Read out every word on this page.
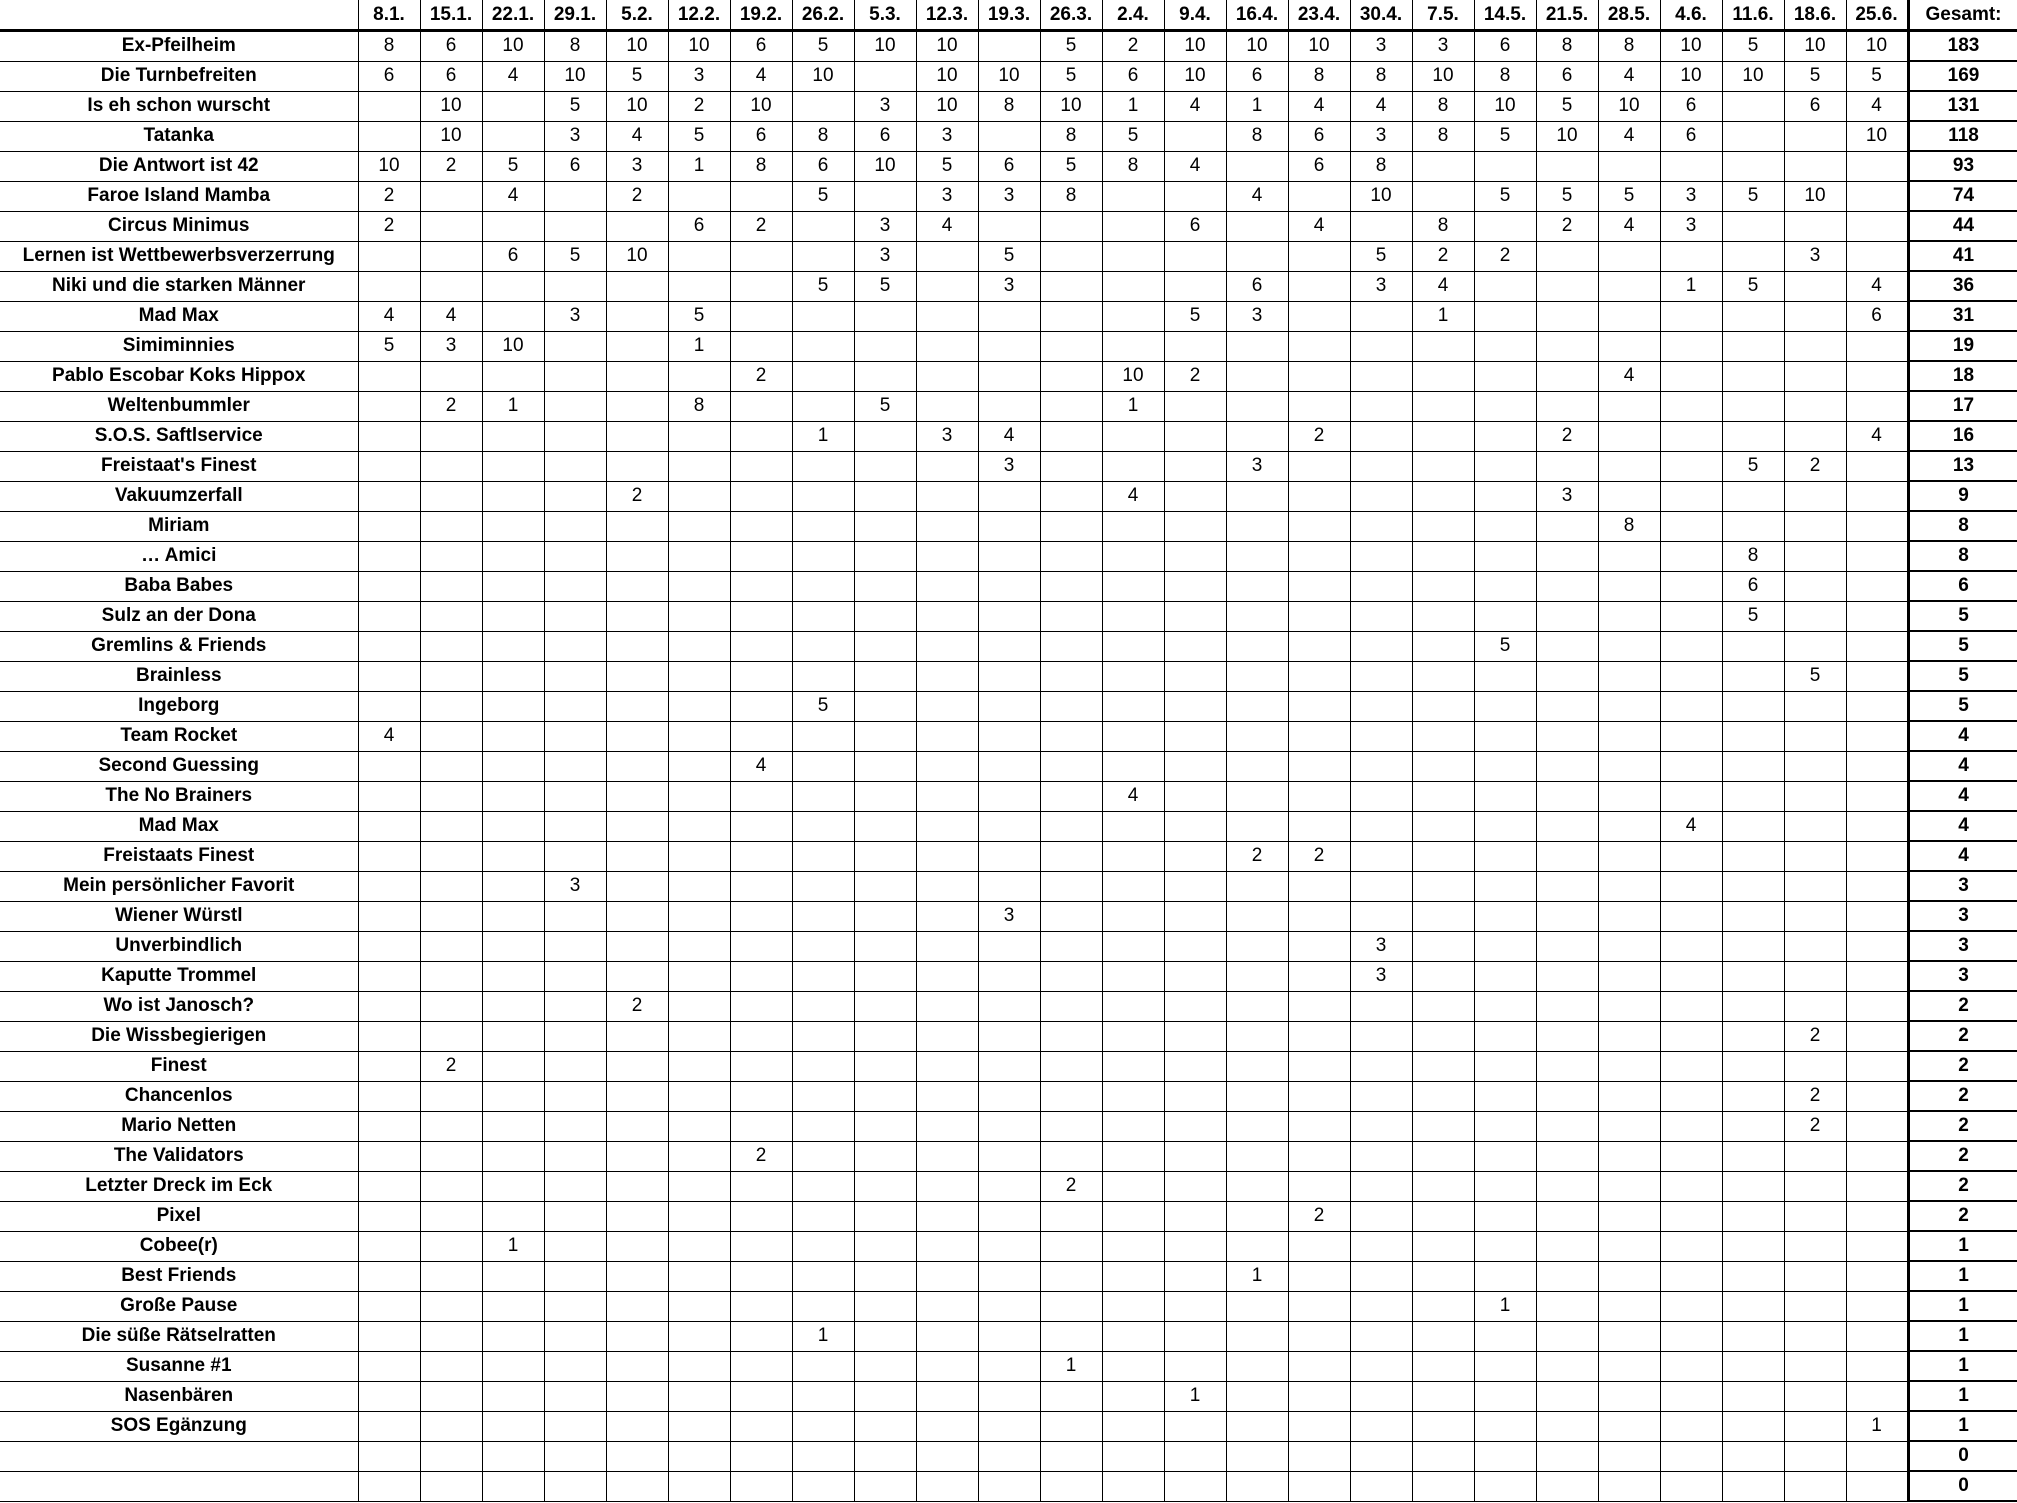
	8.1.	15.1.	22.1.	29.1.	5.2.	12.2.	19.2.	26.2.	5.3.	12.3.	19.3.	26.3.	2.4.	9.4.	16.4.	23.4.	30.4.	7.5.	14.5.	21.5.	28.5.	4.6.	11.6.	18.6.	25.6.	Gesamt:
Ex-Pfeilheim	8	6	10	8	10	10	6	5	10	10		5	2	10	10	10	3	3	6	8	8	10	5	10	10	183
Die Turnbefreiten	6	6	4	10	5	3	4	10		10	10	5	6	10	6	8	8	10	8	6	4	10	10	5	5	169
Is eh schon wurscht		10		5	10	2	10		3	10	8	10	1	4	1	4	4	8	10	5	10	6		6	4	131
Tatanka		10		3	4	5	6	8	6	3		8	5		8	6	3	8	5	10	4	6			10	118
Die Antwort ist 42	10	2	5	6	3	1	8	6	10	5	6	5	8	4		6	8									93
Faroe Island Mamba	2		4		2			5		3	3	8			4		10		5	5	5	3	5	10		74
Circus Minimus	2					6	2		3	4				6		4		8		2	4	3				44
Lernen ist Wettbewerbsverzerrung			6	5	10				3		5						5	2	2					3		41
Niki und die starken Männer								5	5		3				6		3	4				1	5		4	36
Mad Max	4	4		3		5								5	3			1							6	31
Simiminnies	5	3	10			1																				19
Pablo Escobar Koks Hippox							2						10	2							4					18
Weltenbummler		2	1			8			5				1													17
S.O.S. Saftlservice								1		3	4					2				2					4	16
Freistaat's Finest											3				3								5	2		13
Vakuumzerfall					2								4							3						9
Miriam																					8					8
… Amici																							8			8
Baba Babes																							6			6
Sulz an der Dona																							5			5
Gremlins & Friends																			5							5
Brainless																								5		5
Ingeborg								5																		5
Team Rocket	4																									4
Second Guessing							4																			4
The No Brainers													4													4
Mad Max																						4				4
Freistaats Finest															2	2										4
Mein persönlicher Favorit				3																						3
Wiener Würstl											3															3
Unverbindlich																	3									3
Kaputte Trommel																	3									3
Wo ist Janosch?					2																					2
Die Wissbegierigen																								2		2
Finest		2																								2
Chancenlos																								2		2
Mario Netten																								2		2
The Validators							2																			2
Letzter Dreck im Eck												2														2
Pixel																2										2
Cobee(r)			1																							1
Best Friends															1											1
Große Pause																			1							1
Die süße Rätselratten								1																		1
Susanne #1												1														1
Nasenbären														1												1
SOS Egänzung																									1	1
																										0
																										0
